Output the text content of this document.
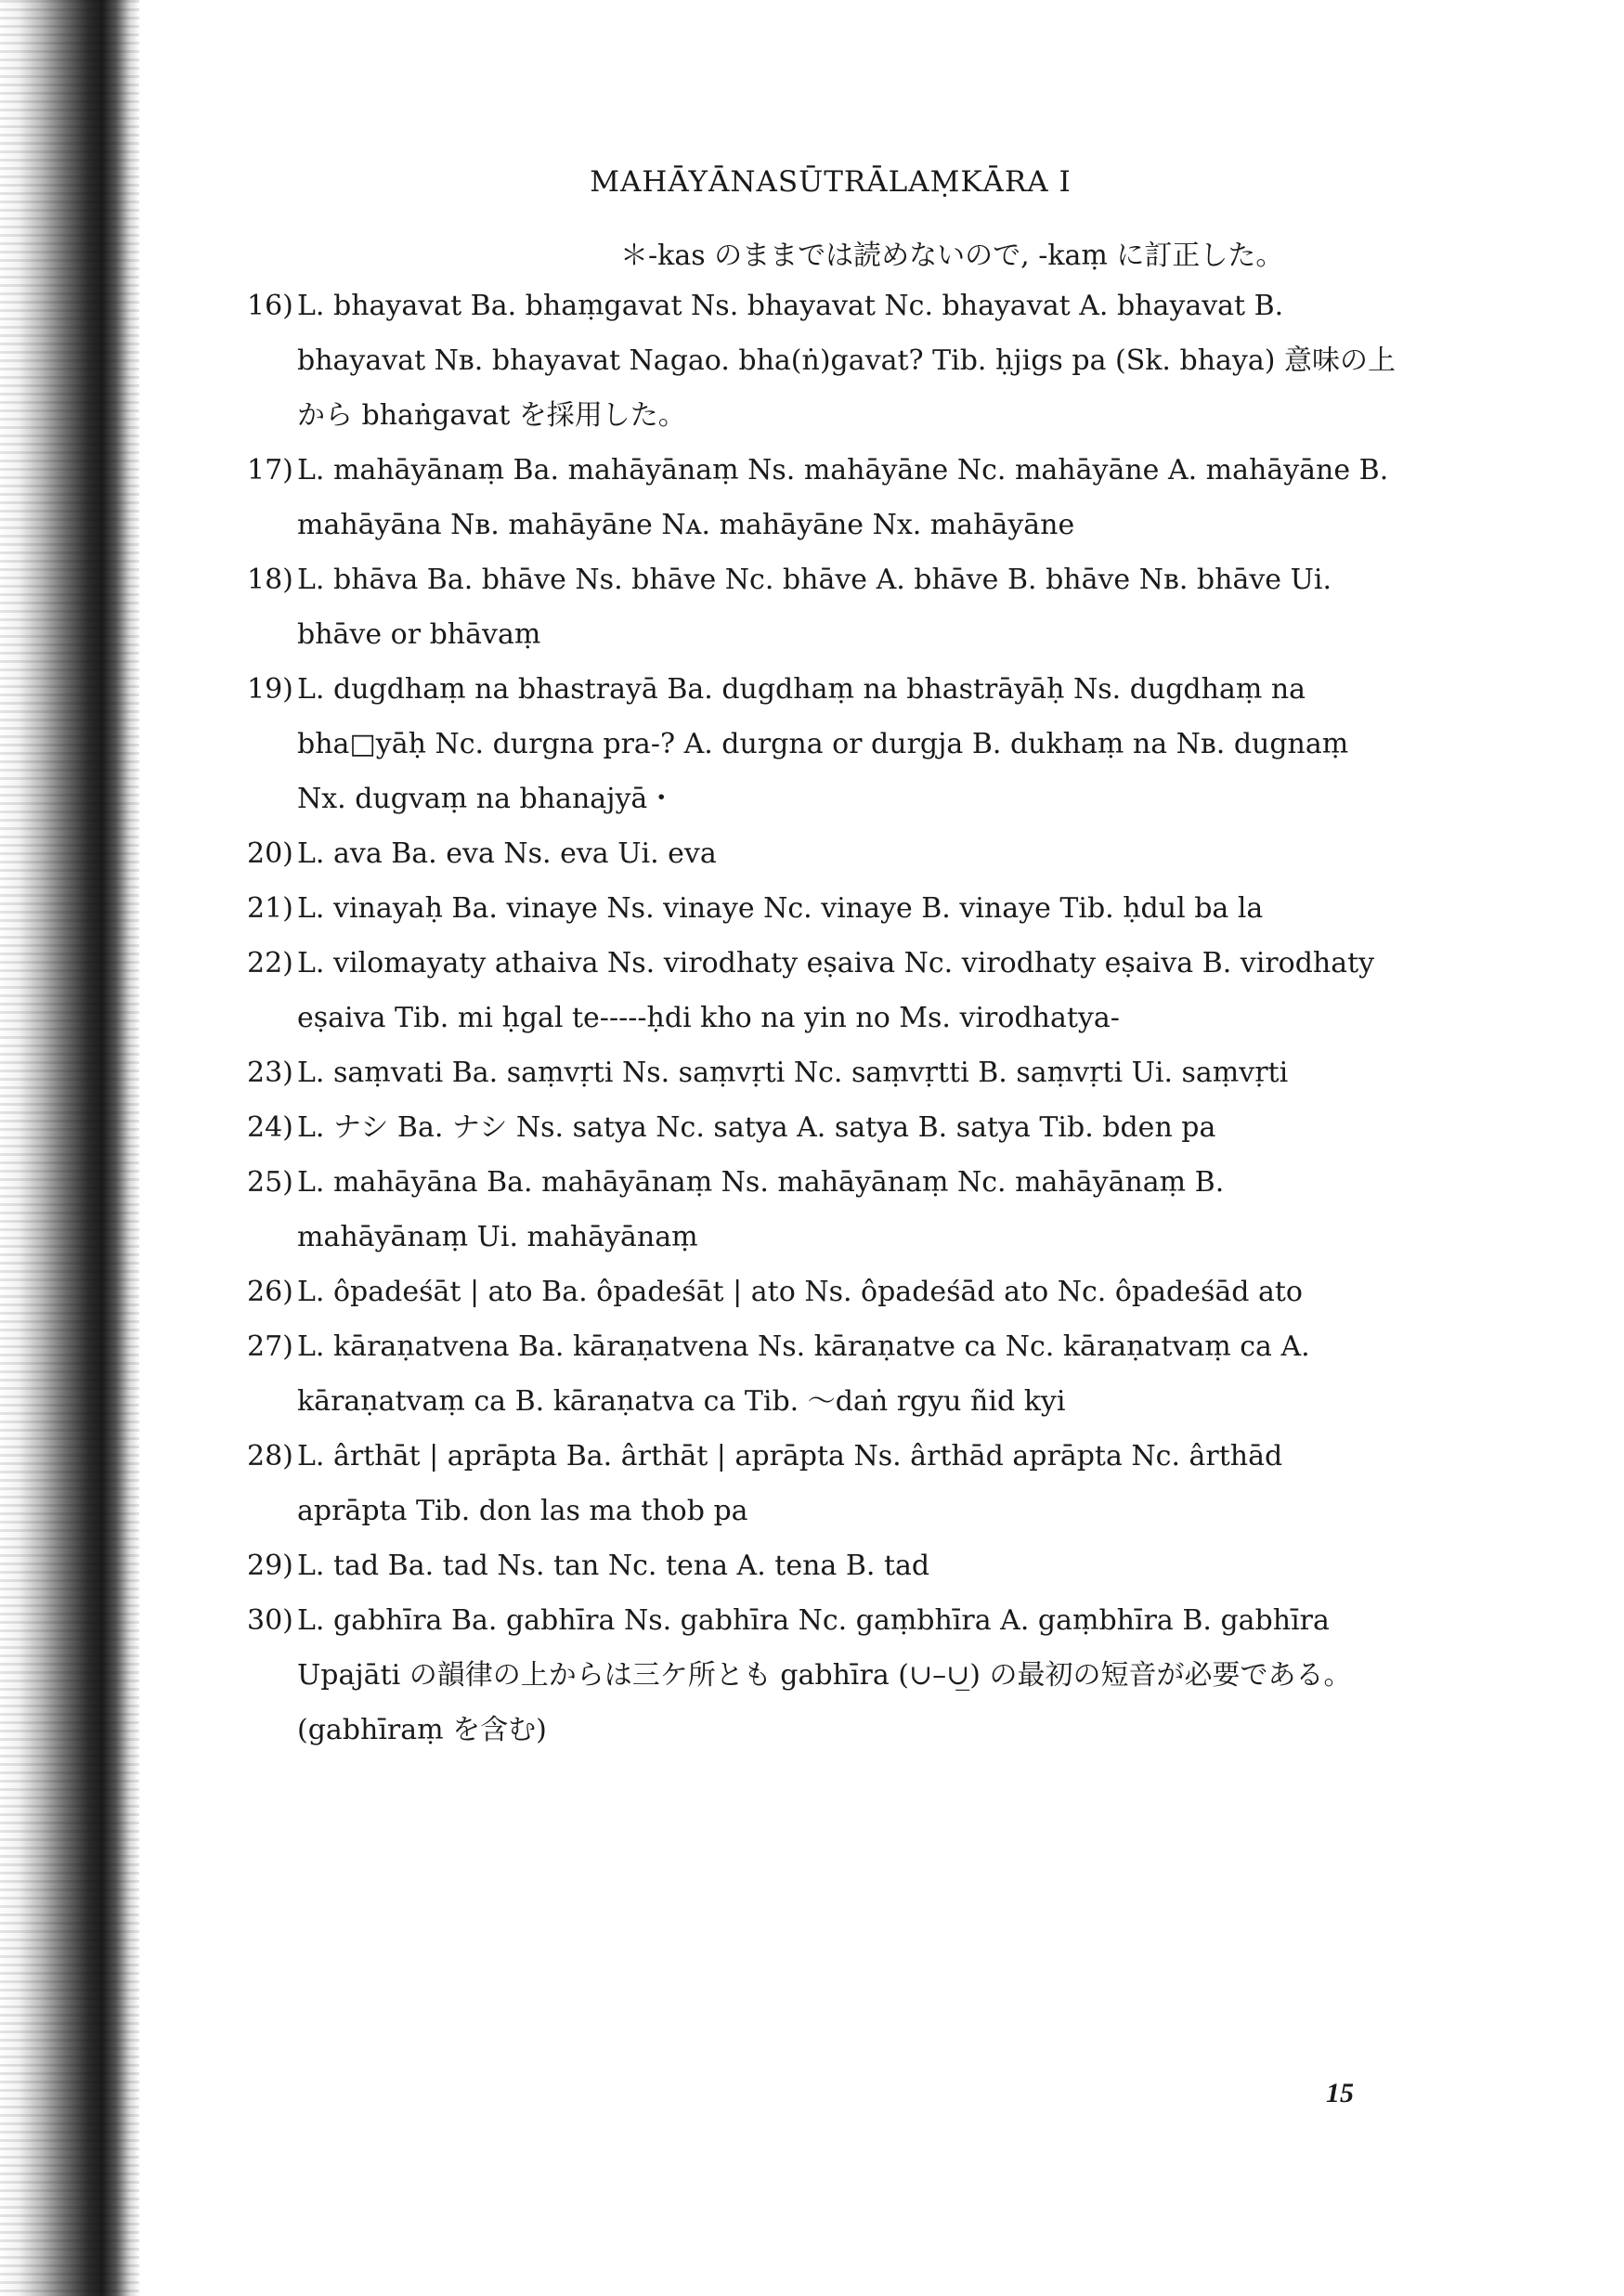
MAHĀYĀNASŪTRĀLAṂKĀRA I
＊-kas のままでは読めないので, -kaṃ に訂正した。
16) L. bhayavat Ba. bhaṃgavat Ns. bhayavat Nc. bhayavat A. bhayavat B. bhayavat Nʙ. bhayavat Nagao. bha(ṅ)gavat? Tib. ḥjigs pa (Sk. bhaya) 意味の上から bhaṅgavat を採用した。
17) L. mahāyānaṃ Ba. mahāyānaṃ Ns. mahāyāne Nc. mahāyāne A. mahāyāne B. mahāyāna Nʙ. mahāyāne Nᴀ. mahāyāne Nx. mahāyāne
18) L. bhāva Ba. bhāve Ns. bhāve Nc. bhāve A. bhāve B. bhāve Nʙ. bhāve Ui. bhāve or bhāvaṃ
19) L. dugdhaṃ na bhastrayā Ba. dugdhaṃ na bhastrāyāḥ Ns. dugdhaṃ na bha□yāḥ Nc. durgna pra-? A. durgna or durgja B. dukhaṃ na Nʙ. dugnaṃ Nx. dugvaṃ na bhanajyā・
20) L. ava Ba. eva Ns. eva Ui. eva
21) L. vinayaḥ Ba. vinaye Ns. vinaye Nc. vinaye B. vinaye Tib. ḥdul ba la
22) L. vilomayaty athaiva Ns. virodhaty eṣaiva Nc. virodhaty eṣaiva B. virodhaty eṣaiva Tib. mi ḥgal te-----ḥdi kho na yin no Ms. virodhatya-
23) L. saṃvati Ba. saṃvṛti Ns. saṃvṛti Nc. saṃvṛtti B. saṃvṛti Ui. saṃvṛti
24) L. ナシ Ba. ナシ Ns. satya Nc. satya A. satya B. satya Tib. bden pa
25) L. mahāyāna Ba. mahāyānaṃ Ns. mahāyānaṃ Nc. mahāyānaṃ B. mahāyānaṃ Ui. mahāyānaṃ
26) L. ôpadeśāt | ato Ba. ôpadeśāt | ato Ns. ôpadeśād ato Nc. ôpadeśād ato
27) L. kāraṇatvena Ba. kāraṇatvena Ns. kāraṇatve ca Nc. kāraṇatvaṃ ca A. kāraṇatvaṃ ca B. kāraṇatva ca Tib. ～daṅ rgyu ñid kyi
28) L. ârthāt | aprāpta Ba. ârthāt | aprāpta Ns. ârthād aprāpta Nc. ârthād aprāpta Tib. don las ma thob pa
29) L. tad Ba. tad Ns. tan Nc. tena A. tena B. tad
30) L. gabhīra Ba. gabhīra Ns. gabhīra Nc. gaṃbhīra A. gaṃbhīra B. gabhīra Upajāti の韻律の上からは三ケ所とも gabhīra (∪–∪̲) の最初の短音が必要である。(gabhīraṃ を含む)
15
